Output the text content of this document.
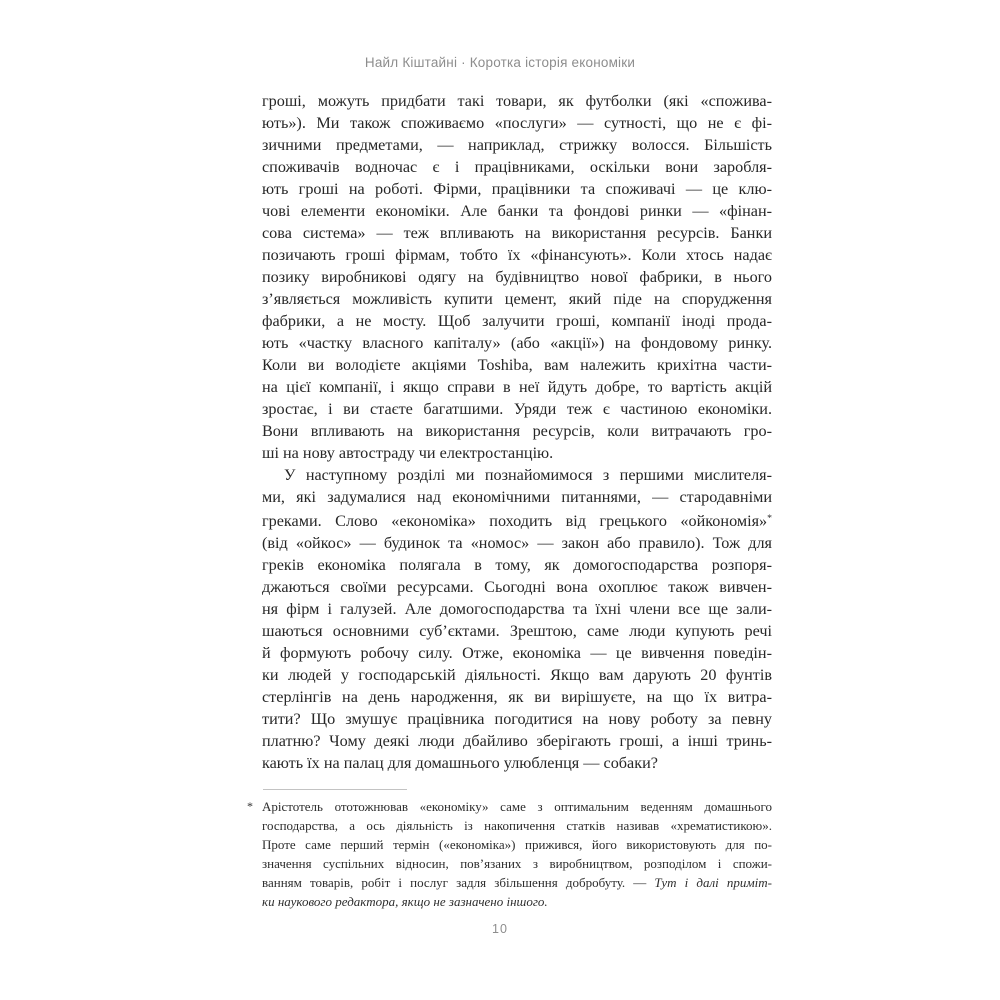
Найл Кіштайні · Коротка історія економіки
гроші, можуть придбати такі товари, як футболки (які «спожива-
ють»). Ми також споживаємо «послуги» — сутності, що не є фі-
зичними предметами, — наприклад, стрижку волосся. Більшість
споживачів водночас є і працівниками, оскільки вони заробля-
ють гроші на роботі. Фірми, працівники та споживачі — це клю-
чові елементи економіки. Але банки та фондові ринки — «фінан-
сова система» — теж впливають на використання ресурсів. Банки
позичають гроші фірмам, тобто їх «фінансують». Коли хтось надає
позику виробникові одягу на будівництво нової фабрики, в нього
з’являється можливість купити цемент, який піде на спорудження
фабрики, а не мосту. Щоб залучити гроші, компанії іноді прода-
ють «частку власного капіталу» (або «акції») на фондовому ринку.
Коли ви володієте акціями Toshiba, вам належить крихітна части-
на цієї компанії, і якщо справи в неї йдуть добре, то вартість акцій
зростає, і ви стаєте багатшими. Уряди теж є частиною економіки.
Вони впливають на використання ресурсів, коли витрачають гро-
ші на нову автостраду чи електростанцію.
У наступному розділі ми познайомимося з першими мислителя-
ми, які задумалися над економічними питаннями, — стародавніми
греками. Слово «економіка» походить від грецького «ойкономія»*
(від «ойкос» — будинок та «номос» — закон або правило). Тож для
греків економіка полягала в тому, як домогосподарства розпоря-
джаються своїми ресурсами. Сьогодні вона охоплює також вивчен-
ня фірм і галузей. Але домогосподарства та їхні члени все ще зали-
шаються основними суб’єктами. Зрештою, саме люди купують речі
й формують робочу силу. Отже, економіка — це вивчення поведін-
ки людей у господарській діяльності. Якщо вам дарують 20 фунтів
стерлінгів на день народження, як ви вирішуєте, на що їх витра-
тити? Що змушує працівника погодитися на нову роботу за певну
платню? Чому деякі люди дбайливо зберігають гроші, а інші тринь-
кають їх на палац для домашнього улюбленця — собаки?
* Арістотель ототожнював «економіку» саме з оптимальним веденням домашнього
господарства, а ось діяльність із накопичення статків називав «хрематистикою».
Проте саме перший термін («економіка») прижився, його використовують для по-
значення суспільних відносин, пов’язаних з виробництвом, розподілом і спожи-
ванням товарів, робіт і послуг задля збільшення добробуту. — Тут і далі приміт-
ки наукового редактора, якщо не зазначено іншого.
10
